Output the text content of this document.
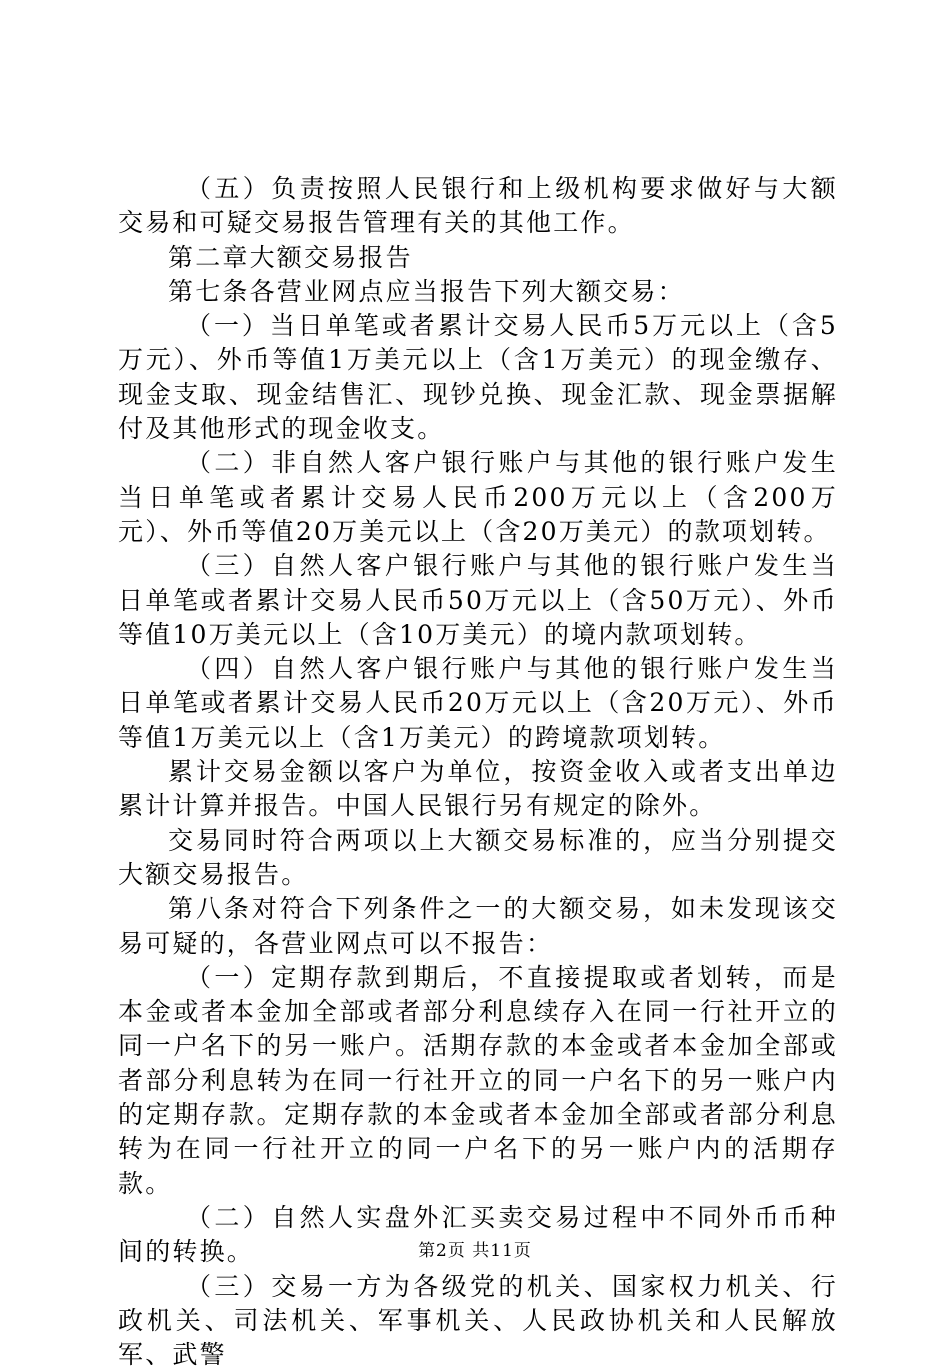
（五）负责按照人民银行和上级机构要求做好与大额交易和可疑交易报告管理有关的其他工作。

第二章大额交易报告

第七条各营业网点应当报告下列大额交易：

（一）当日单笔或者累计交易人民币5万元以上（含5万元）、外币等值1万美元以上（含1万美元）的现金缴存、现金支取、现金结售汇、现钞兑换、现金汇款、现金票据解付及其他形式的现金收支。

（二）非自然人客户银行账户与其他的银行账户发生当日单笔或者累计交易人民币200万元以上（含200万元）、外币等值20万美元以上（含20万美元）的款项划转。

（三）自然人客户银行账户与其他的银行账户发生当日单笔或者累计交易人民币50万元以上（含50万元）、外币等值10万美元以上（含10万美元）的境内款项划转。

（四）自然人客户银行账户与其他的银行账户发生当日单笔或者累计交易人民币20万元以上（含20万元）、外币等值1万美元以上（含1万美元）的跨境款项划转。

累计交易金额以客户为单位，按资金收入或者支出单边累计计算并报告。中国人民银行另有规定的除外。

交易同时符合两项以上大额交易标准的，应当分别提交大额交易报告。

第八条对符合下列条件之一的大额交易，如未发现该交易可疑的，各营业网点可以不报告：

（一）定期存款到期后，不直接提取或者划转，而是本金或者本金加全部或者部分利息续存入在同一行社开立的同一户名下的另一账户。活期存款的本金或者本金加全部或者部分利息转为在同一行社开立的同一户名下的另一账户内的定期存款。定期存款的本金或者本金加全部或者部分利息转为在同一行社开立的同一户名下的另一账户内的活期存款。

（二）自然人实盘外汇买卖交易过程中不同外币币种间的转换。

（三）交易一方为各级党的机关、国家权力机关、行政机关、司法机关、军事机关、人民政协机关和人民解放军、武警

第2页 共11页
